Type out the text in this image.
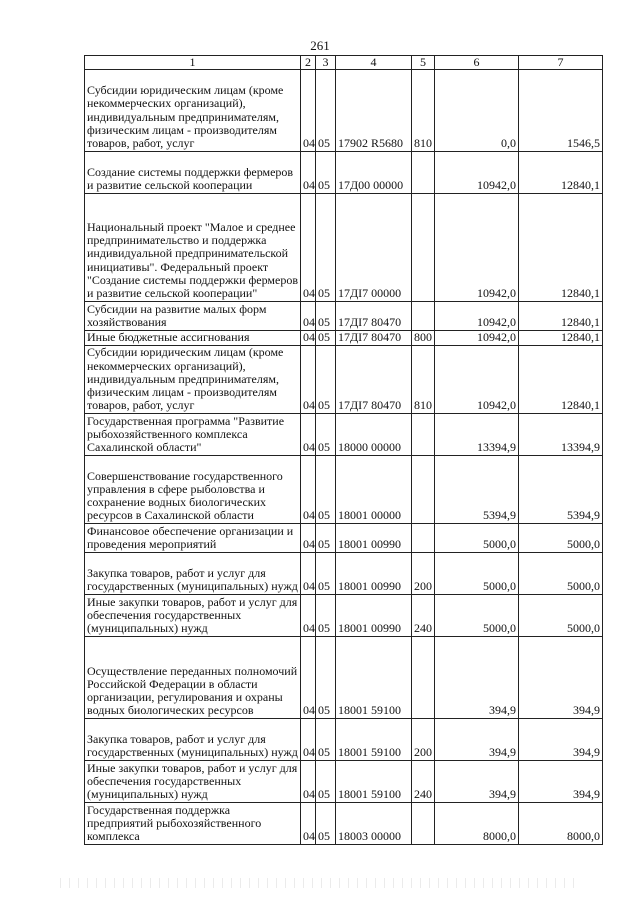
261
1	2	3	4	5	6	7
Субсидии юридическим лицам (кроме некоммерческих организаций), индивидуальным предпринимателям, физическим лицам - производителям товаров, работ, услуг	04	05	17902 R5680	810	0,0	1546,5
Создание системы поддержки фермеров и развитие сельской кооперации	04	05	17Д00 00000		10942,0	12840,1
Национальный проект "Малое и среднее предпринимательство и поддержка индивидуальной предпринимательской инициативы". Федеральный проект "Создание системы поддержки фермеров и развитие сельской кооперации"	04	05	17ДI7 00000		10942,0	12840,1
Субсидии на развитие малых форм хозяйствования	04	05	17ДI7 80470		10942,0	12840,1
Иные бюджетные ассигнования	04	05	17ДI7 80470	800	10942,0	12840,1
Субсидии юридическим лицам (кроме некоммерческих организаций), индивидуальным предпринимателям, физическим лицам - производителям товаров, работ, услуг	04	05	17ДI7 80470	810	10942,0	12840,1
Государственная программа "Развитие рыбохозяйственного комплекса Сахалинской области"	04	05	18000 00000		13394,9	13394,9
Совершенствование государственного управления в сфере рыболовства и сохранение водных биологических ресурсов в Сахалинской области	04	05	18001 00000		5394,9	5394,9
Финансовое обеспечение организации и проведения мероприятий	04	05	18001 00990		5000,0	5000,0
Закупка товаров, работ и услуг для государственных (муниципальных) нужд	04	05	18001 00990	200	5000,0	5000,0
Иные закупки товаров, работ и услуг для обеспечения государственных (муниципальных) нужд	04	05	18001 00990	240	5000,0	5000,0
Осуществление переданных полномочий Российской Федерации в области организации, регулирования и охраны водных биологических ресурсов	04	05	18001 59100		394,9	394,9
Закупка товаров, работ и услуг для государственных (муниципальных) нужд	04	05	18001 59100	200	394,9	394,9
Иные закупки товаров, работ и услуг для обеспечения государственных (муниципальных) нужд	04	05	18001 59100	240	394,9	394,9
Государственная поддержка предприятий рыбохозяйственного комплекса	04	05	18003 00000		8000,0	8000,0
